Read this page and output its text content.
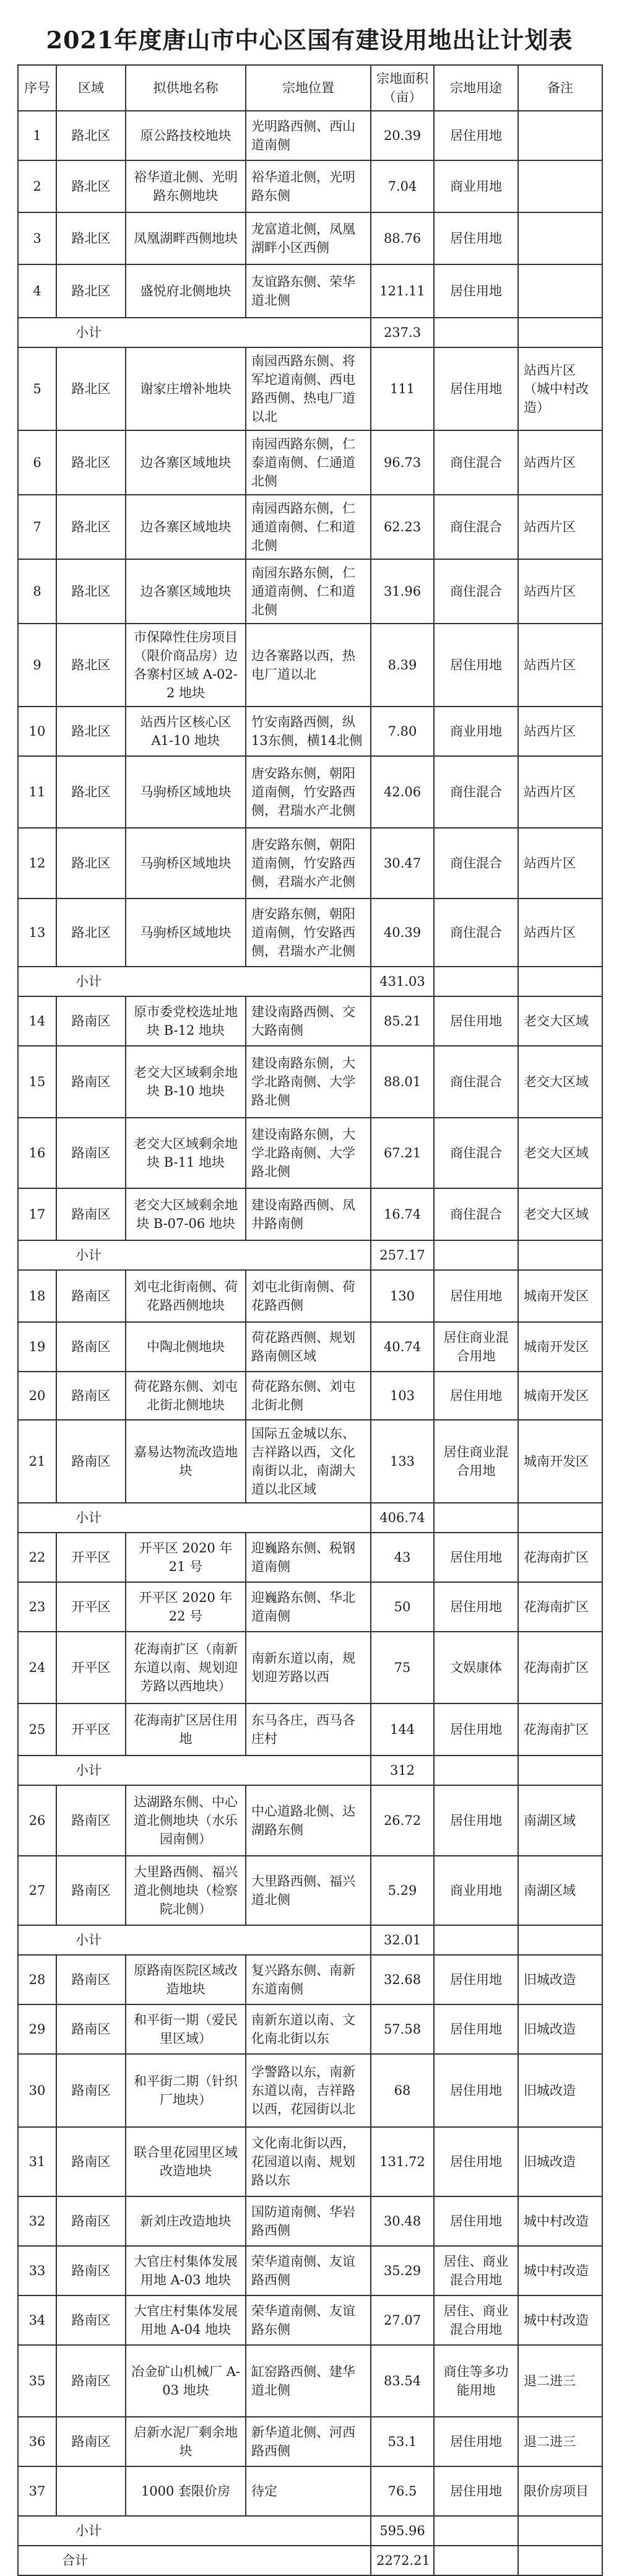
2021年度唐山市中心区国有建设用地出让计划表
序号	区域	拟供地名称	宗地位置	宗地面积（亩）	宗地用途	备注
1	路北区	原公路技校地块	光明路西侧、西山道南侧	20.39	居住用地	
2	路北区	裕华道北侧、光明路东侧地块	裕华道北侧，光明路东侧	7.04	商业用地	
3	路北区	凤凰湖畔西侧地块	龙富道北侧，凤凰湖畔小区西侧	88.76	居住用地	
4	路北区	盛悦府北侧地块	友谊路东侧、荣华道北侧	121.11	居住用地	
小计				237.3		
5	路北区	谢家庄增补地块	南园西路东侧、将军坨道南侧、西电路西侧、热电厂道以北	111	居住用地	站西片区（城中村改造）
6	路北区	边各寨区域地块	南园西路东侧，仁泰道南侧、仁通道北侧	96.73	商住混合	站西片区
7	路北区	边各寨区域地块	南园西路东侧，仁通道南侧、仁和道北侧	62.23	商住混合	站西片区
8	路北区	边各寨区域地块	南园东路东侧，仁通道南侧、仁和道北侧	31.96	商住混合	站西片区
9	路北区	市保障性住房项目（限价商品房）边各寨村区域 A-02-2 地块	边各寨路以西，热电厂道以北	8.39	居住用地	站西片区
10	路北区	站西片区核心区 A1-10 地块	竹安南路西侧，纵13东侧，横14北侧	7.80	商业用地	站西片区
11	路北区	马驹桥区域地块	唐安路东侧，朝阳道南侧，竹安路西侧，君瑞水产北侧	42.06	商住混合	站西片区
12	路北区	马驹桥区域地块	唐安路东侧，朝阳道南侧，竹安路西侧，君瑞水产北侧	30.47	商住混合	站西片区
13	路北区	马驹桥区域地块	唐安路东侧，朝阳道南侧，竹安路西侧，君瑞水产北侧	40.39	商住混合	站西片区
小计				431.03		
14	路南区	原市委党校选址地块 B-12 地块	建设南路西侧、交大路南侧	85.21	居住用地	老交大区域
15	路南区	老交大区域剩余地块 B-10 地块	建设南路东侧，大学北路南侧、大学路北侧	88.01	商住混合	老交大区域
16	路南区	老交大区域剩余地块 B-11 地块	建设南路东侧，大学北路南侧、大学路北侧	67.21	商住混合	老交大区域
17	路南区	老交大区域剩余地块 B-07-06 地块	建设南路西侧、凤井路南侧	16.74	商住混合	老交大区域
小计				257.17		
18	路南区	刘屯北街南侧、荷花路西侧地块	刘屯北街南侧、荷花路西侧	130	居住用地	城南开发区
19	路南区	中陶北侧地块	荷花路西侧、规划路南侧区域	40.74	居住商业混合用地	城南开发区
20	路南区	荷花路东侧、刘屯北街北侧地块	荷花路东侧、刘屯北街北侧	103	居住用地	城南开发区
21	路南区	嘉易达物流改造地块	国际五金城以东、吉祥路以西，文化南街以北，南湖大道以北区域	133	居住商业混合用地	城南开发区
小计				406.74		
22	开平区	开平区 2020 年 21 号	迎巍路东侧、税钢道南侧	43	居住用地	花海南扩区
23	开平区	开平区 2020 年 22 号	迎巍路东侧、华北道南侧	50	居住用地	花海南扩区
24	开平区	花海南扩区（南新东道以南、规划迎芳路以西地块）	南新东道以南，规划迎芳路以西	75	文娱康体	花海南扩区
25	开平区	花海南扩区居住用地	东马各庄，西马各庄村	144	居住用地	花海南扩区
小计				312		
26	路南区	达湖路东侧、中心道北侧地块（水乐园南侧）	中心道路北侧、达湖路东侧	26.72	居住用地	南湖区域
27	路南区	大里路西侧、福兴道北侧地块（检察院北侧）	大里路西侧、福兴道北侧	5.29	商业用地	南湖区域
小计				32.01		
28	路南区	原路南医院区域改造地块	复兴路东侧、南新东道南侧	32.68	居住用地	旧城改造
29	路南区	和平街一期（爱民里区域）	南新东道以南、文化南北街以东	57.58	居住用地	旧城改造
30	路南区	和平街二期（针织厂地块）	学警路以东，南新东道以南，吉祥路以西，花园街以北	68	居住用地	旧城改造
31	路南区	联合里花园里区域改造地块	文化南北街以西，花园道以南、规划路以东	131.72	居住用地	旧城改造
32	路南区	新刘庄改造地块	国防道南侧、华岩路西侧	30.48	居住用地	城中村改造
33	路南区	大官庄村集体发展用地 A-03 地块	荣华道南侧、友谊路西侧	35.29	居住、商业混合用地	城中村改造
34	路南区	大官庄村集体发展用地 A-04 地块	荣华道南侧、友谊路东侧	27.07	居住、商业混合用地	城中村改造
35	路南区	冶金矿山机械厂 A-03 地块	缸窑路西侧、建华道北侧	83.54	商住等多功能用地	退二进三
36	路南区	启新水泥厂剩余地块	新华道北侧、河西路西侧	53.1	居住用地	退二进三
37		1000 套限价房	待定	76.5	居住用地	限价房项目
小计				595.96		
合计				2272.21		
